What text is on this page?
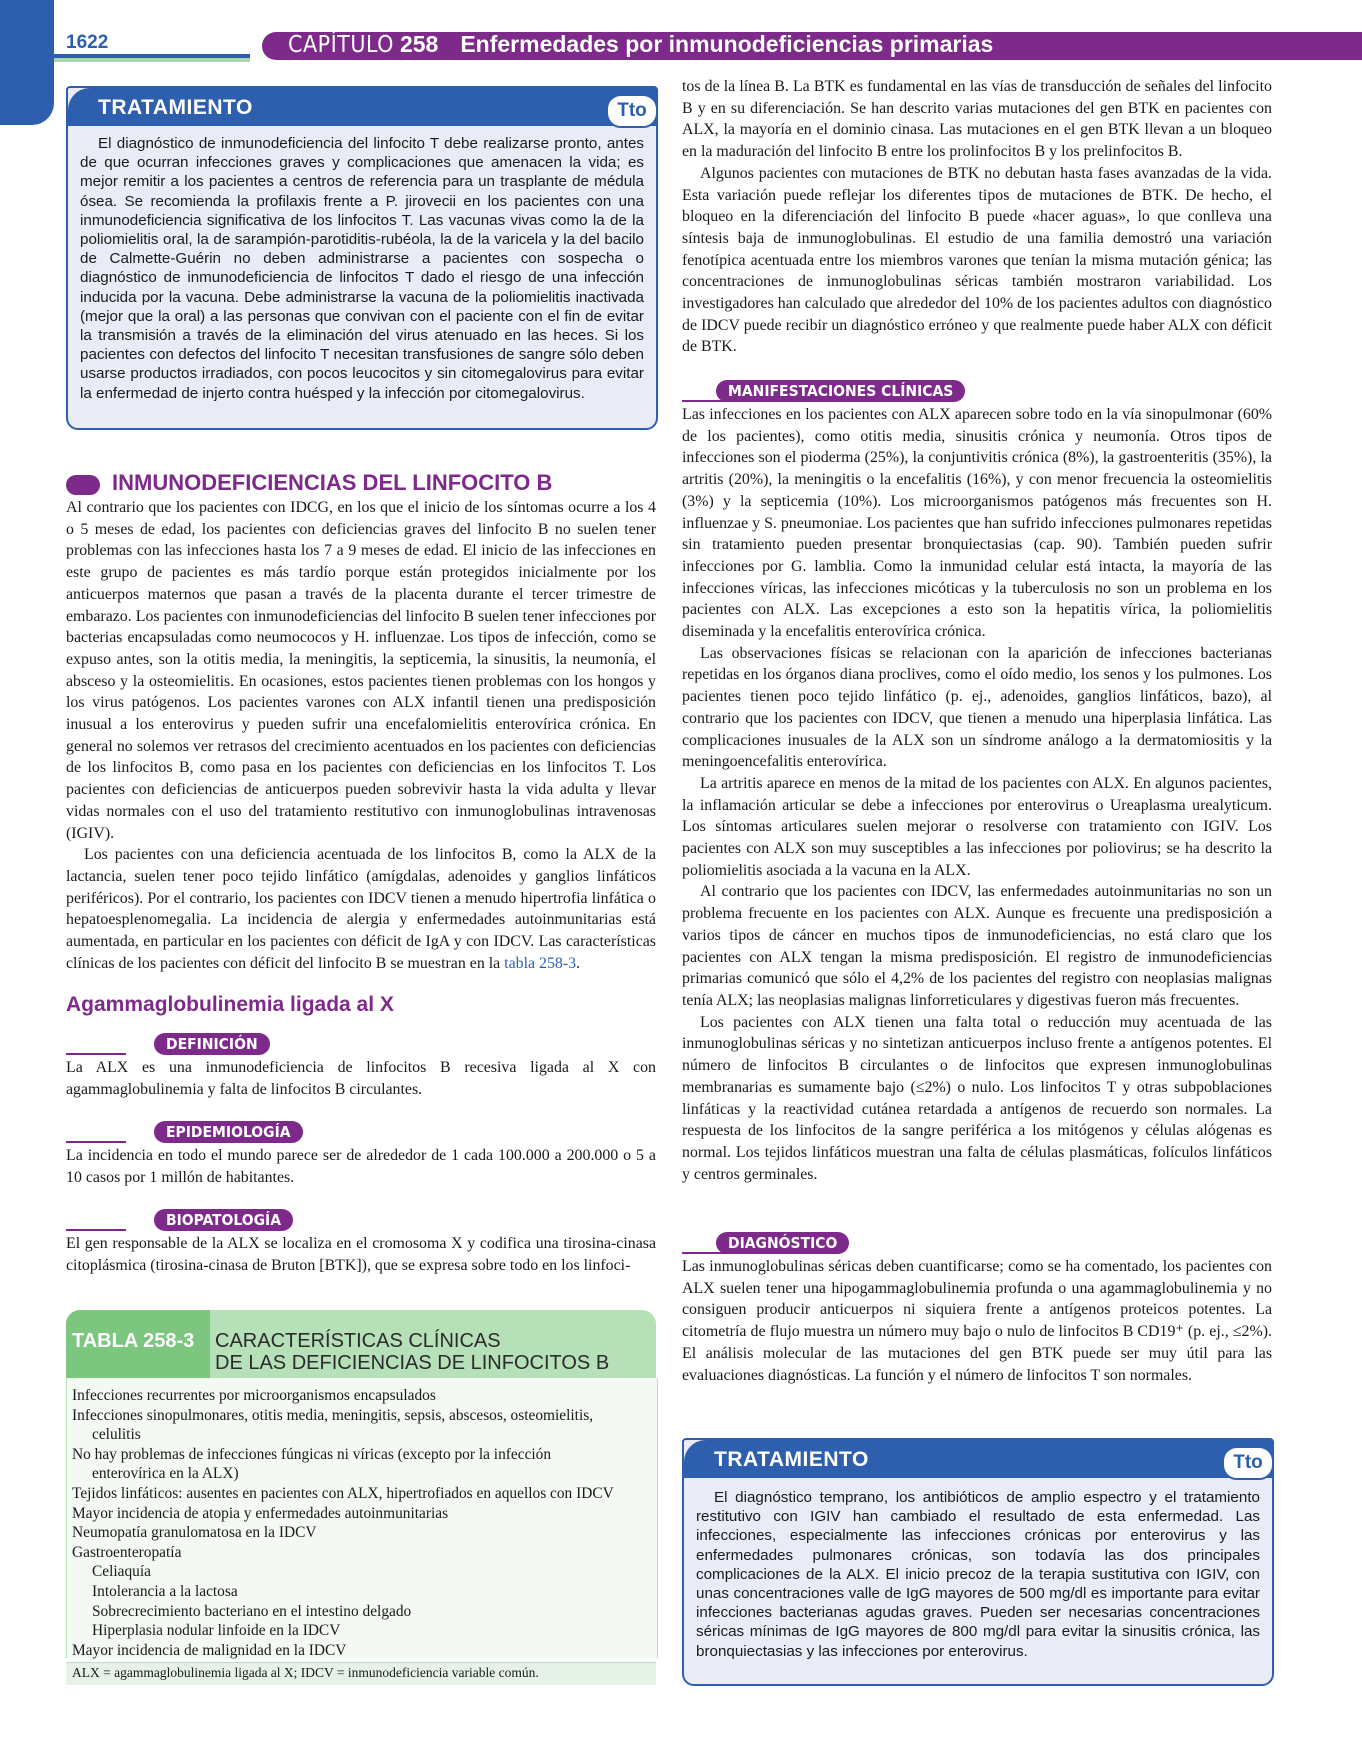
1622	CAPÍTULO 258 Enfermedades por inmunodeficiencias primarias
TRATAMIENTO	Tto

El diagnóstico de inmunodeficiencia del linfocito T debe realizarse pronto, antes de que ocurran infecciones graves y complicaciones que amenacen la vida; es mejor remitir a los pacientes a centros de referencia para un trasplante de médula ósea. Se recomienda la profilaxis frente a P. jirovecii en los pacientes con una inmunodeficiencia significativa de los linfocitos T. Las vacunas vivas como la de la poliomielitis oral, la de sarampión-parotiditis-rubéola, la de la varicela y la del bacilo de Calmette-Guérin no deben administrarse a pacientes con sospecha o diagnóstico de inmunodeficiencia de linfocitos T dado el riesgo de una infección inducida por la vacuna. Debe administrarse la vacuna de la poliomielitis inactivada (mejor que la oral) a las personas que convivan con el paciente con el fin de evitar la transmisión a través de la eliminación del virus atenuado en las heces. Si los pacientes con defectos del linfocito T necesitan transfusiones de sangre sólo deben usarse productos irradiados, con pocos leucocitos y sin citomegalovirus para evitar la enfermedad de injerto contra huésped y la infección por citomegalovirus.

INMUNODEFICIENCIAS DEL LINFOCITO B

Al contrario que los pacientes con IDCG, en los que el inicio de los síntomas ocurre a los 4 o 5 meses de edad, los pacientes con deficiencias graves del linfocito B no suelen tener problemas con las infecciones hasta los 7 a 9 meses de edad. El inicio de las infecciones en este grupo de pacientes es más tardío porque están protegidos inicialmente por los anticuerpos maternos que pasan a través de la placenta durante el tercer trimestre de embarazo. Los pacientes con inmunodeficiencias del linfocito B suelen tener infecciones por bacterias encapsuladas como neumococos y H. influenzae. Los tipos de infección, como se expuso antes, son la otitis media, la meningitis, la septicemia, la sinusitis, la neumonía, el absceso y la osteomielitis. En ocasiones, estos pacientes tienen problemas con los hongos y los virus patógenos. Los pacientes varones con ALX infantil tienen una predisposición inusual a los enterovirus y pueden sufrir una encefalomielitis enterovírica crónica. En general no solemos ver retrasos del crecimiento acentuados en los pacientes con deficiencias de los linfocitos B, como pasa en los pacientes con deficiencias en los linfocitos T. Los pacientes con deficiencias de anticuerpos pueden sobrevivir hasta la vida adulta y llevar vidas normales con el uso del tratamiento restitutivo con inmunoglobulinas intravenosas (IGIV).

Los pacientes con una deficiencia acentuada de los linfocitos B, como la ALX de la lactancia, suelen tener poco tejido linfático (amígdalas, adenoides y ganglios linfáticos periféricos). Por el contrario, los pacientes con IDCV tienen a menudo hipertrofia linfática o hepatoesplenomegalia. La incidencia de alergia y enfermedades autoinmunitarias está aumentada, en particular en los pacientes con déficit de IgA y con IDCV. Las características clínicas de los pacientes con déficit del linfocito B se muestran en la tabla 258-3.

Agammaglobulinemia ligada al X
DEFINICIÓN

La ALX es una inmunodeficiencia de linfocitos B recesiva ligada al X con agammaglobulinemia y falta de linfocitos B circulantes.

EPIDEMIOLOGÍA

La incidencia en todo el mundo parece ser de alrededor de 1 cada 100.000 a 200.000 o 5 a 10 casos por 1 millón de habitantes.

BIOPATOLOGÍA

El gen responsable de la ALX se localiza en el cromosoma X y codifica una tirosina-cinasa citoplásmica (tirosina-cinasa de Bruton [BTK]), que se expresa sobre todo en los linfoci-

TABLA 258-3 CARACTERÍSTICAS CLÍNICAS
DE LAS DEFICIENCIAS DE LINFOCITOS B
Infecciones recurrentes por microorganismos encapsulados
Infecciones sinopulmonares, otitis media, meningitis, sepsis, abscesos, osteomielitis,
celulitis
No hay problemas de infecciones fúngicas ni víricas (excepto por la infección
enterovírica en la ALX)
Tejidos linfáticos: ausentes en pacientes con ALX, hipertrofiados en aquellos con IDCV
Mayor incidencia de atopia y enfermedades autoinmunitarias
Neumopatía granulomatosa en la IDCV
Gastroenteropatía
Celiaquía
Intolerancia a la lactosa
Sobrecrecimiento bacteriano en el intestino delgado
Hiperplasia nodular linfoide en la IDCV
Mayor incidencia de malignidad en la IDCV
ALX = agammaglobulinemia ligada al X; IDCV = inmunodeficiencia variable común.

tos de la línea B. La BTK es fundamental en las vías de transducción de señales del linfocito B y en su diferenciación. Se han descrito varias mutaciones del gen BTK en pacientes con ALX, la mayoría en el dominio cinasa. Las mutaciones en el gen BTK llevan a un bloqueo en la maduración del linfocito B entre los prolinfocitos B y los prelinfocitos B.

Algunos pacientes con mutaciones de BTK no debutan hasta fases avanzadas de la vida. Esta variación puede reflejar los diferentes tipos de mutaciones de BTK. De hecho, el bloqueo en la diferenciación del linfocito B puede «hacer aguas», lo que conlleva una síntesis baja de inmunoglobulinas. El estudio de una familia demostró una variación fenotípica acentuada entre los miembros varones que tenían la misma mutación génica; las concentraciones de inmunoglobulinas séricas también mostraron variabilidad. Los investigadores han calculado que alrededor del 10% de los pacientes adultos con diagnóstico de IDCV puede recibir un diagnóstico erróneo y que realmente puede haber ALX con déficit de BTK.

MANIFESTACIONES CLÍNICAS

Las infecciones en los pacientes con ALX aparecen sobre todo en la vía sinopulmonar (60% de los pacientes), como otitis media, sinusitis crónica y neumonía. Otros tipos de infecciones son el pioderma (25%), la conjuntivitis crónica (8%), la gastroenteritis (35%), la artritis (20%), la meningitis o la encefalitis (16%), y con menor frecuencia la osteomielitis (3%) y la septicemia (10%). Los microorganismos patógenos más frecuentes son H. influenzae y S. pneumoniae. Los pacientes que han sufrido infecciones pulmonares repetidas sin tratamiento pueden presentar bronquiectasias (cap. 90). También pueden sufrir infecciones por G. lamblia. Como la inmunidad celular está intacta, la mayoría de las infecciones víricas, las infecciones micóticas y la tuberculosis no son un problema en los pacientes con ALX. Las excepciones a esto son la hepatitis vírica, la poliomielitis diseminada y la encefalitis enterovírica crónica.

Las observaciones físicas se relacionan con la aparición de infecciones bacterianas repetidas en los órganos diana proclives, como el oído medio, los senos y los pulmones. Los pacientes tienen poco tejido linfático (p. ej., adenoides, ganglios linfáticos, bazo), al contrario que los pacientes con IDCV, que tienen a menudo una hiperplasia linfática. Las complicaciones inusuales de la ALX son un síndrome análogo a la dermatomiositis y la meningoencefalitis enterovírica.

La artritis aparece en menos de la mitad de los pacientes con ALX. En algunos pacientes, la inflamación articular se debe a infecciones por enterovirus o Ureaplasma urealyticum. Los síntomas articulares suelen mejorar o resolverse con tratamiento con IGIV. Los pacientes con ALX son muy susceptibles a las infecciones por poliovirus; se ha descrito la poliomielitis asociada a la vacuna en la ALX.

Al contrario que los pacientes con IDCV, las enfermedades autoinmunitarias no son un problema frecuente en los pacientes con ALX. Aunque es frecuente una predisposición a varios tipos de cáncer en muchos tipos de inmunodeficiencias, no está claro que los pacientes con ALX tengan la misma predisposición. El registro de inmunodeficiencias primarias comunicó que sólo el 4,2% de los pacientes del registro con neoplasias malignas tenía ALX; las neoplasias malignas linforreticulares y digestivas fueron más frecuentes.

Los pacientes con ALX tienen una falta total o reducción muy acentuada de las inmunoglobulinas séricas y no sintetizan anticuerpos incluso frente a antígenos potentes. El número de linfocitos B circulantes o de linfocitos que expresen inmunoglobulinas membranarias es sumamente bajo (≤2%) o nulo. Los linfocitos T y otras subpoblaciones linfáticas y la reactividad cutánea retardada a antígenos de recuerdo son normales. La respuesta de los linfocitos de la sangre periférica a los mitógenos y células alógenas es normal. Los tejidos linfáticos muestran una falta de células plasmáticas, folículos linfáticos y centros germinales.

DIAGNÓSTICO

Las inmunoglobulinas séricas deben cuantificarse; como se ha comentado, los pacientes con ALX suelen tener una hipogammaglobulinemia profunda o una agammaglobulinemia y no consiguen producir anticuerpos ni siquiera frente a antígenos proteicos potentes. La citometría de flujo muestra un número muy bajo o nulo de linfocitos B CD19⁺ (p. ej., ≤2%). El análisis molecular de las mutaciones del gen BTK puede ser muy útil para las evaluaciones diagnósticas. La función y el número de linfocitos T son normales.

TRATAMIENTO	Tto

El diagnóstico temprano, los antibióticos de amplio espectro y el tratamiento restitutivo con IGIV han cambiado el resultado de esta enfermedad. Las infecciones, especialmente las infecciones crónicas por enterovirus y las enfermedades pulmonares crónicas, son todavía las dos principales complicaciones de la ALX. El inicio precoz de la terapia sustitutiva con IGIV, con unas concentraciones valle de IgG mayores de 500 mg/dl es importante para evitar infecciones bacterianas agudas graves. Pueden ser necesarias concentraciones séricas mínimas de IgG mayores de 800 mg/dl para evitar la sinusitis crónica, las bronquiectasias y las infecciones por enterovirus.
